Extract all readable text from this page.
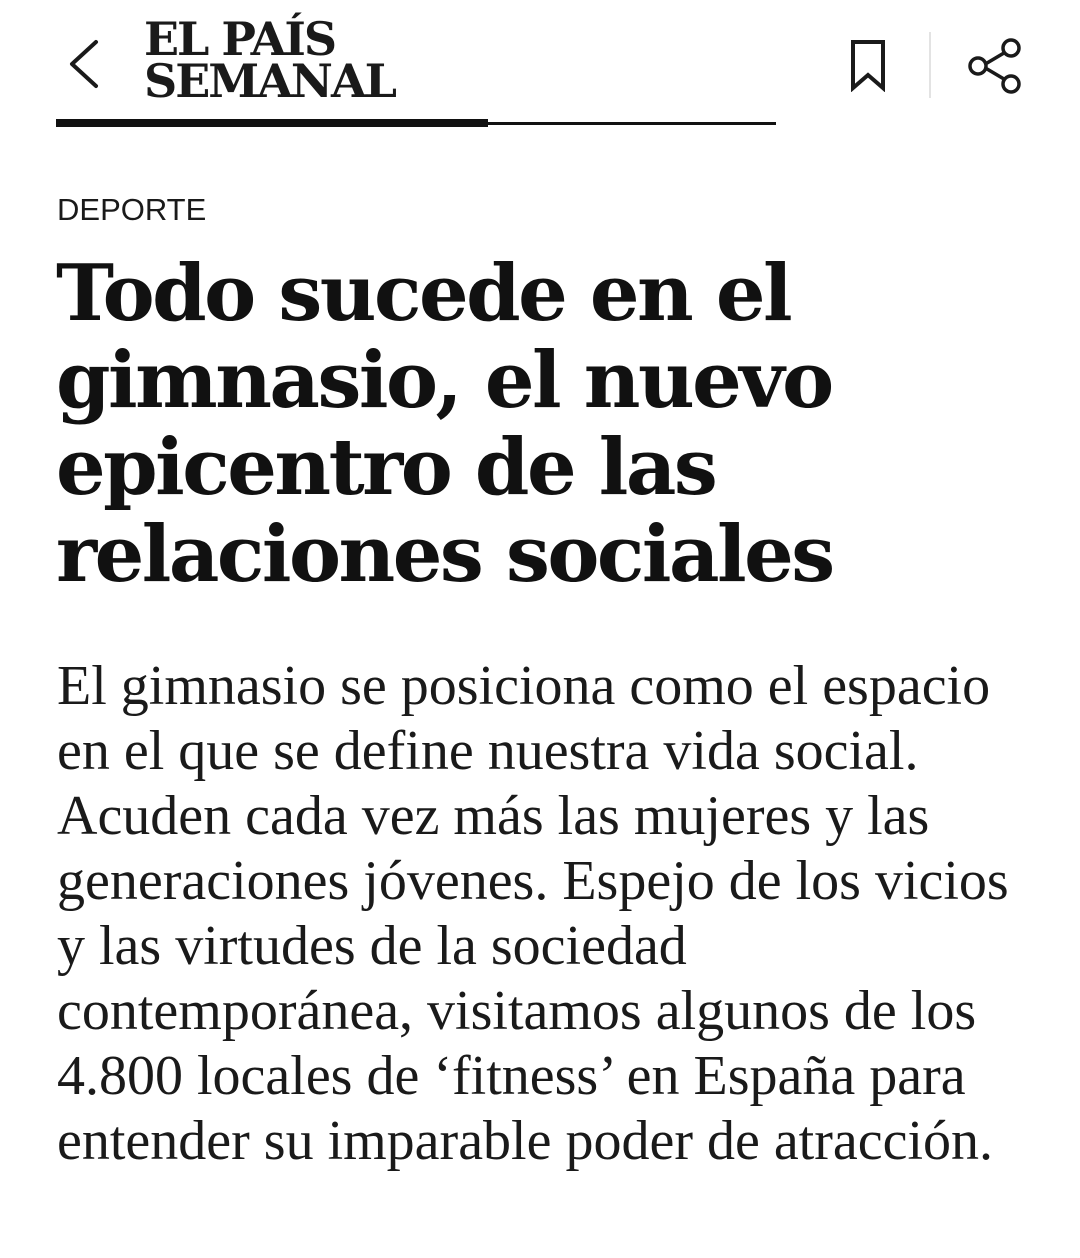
EL PAÍS
SEMANAL
DEPORTE
Todo sucede en el gimnasio, el nuevo epicentro de las relaciones sociales

El gimnasio se posiciona como el espacio en el que se define nuestra vida social. Acuden cada vez más las mujeres y las generaciones jóvenes. Espejo de los vicios y las virtudes de la sociedad contemporánea, visitamos algunos de los 4.800 locales de ‘fitness’ en España para entender su imparable poder de atracción.
